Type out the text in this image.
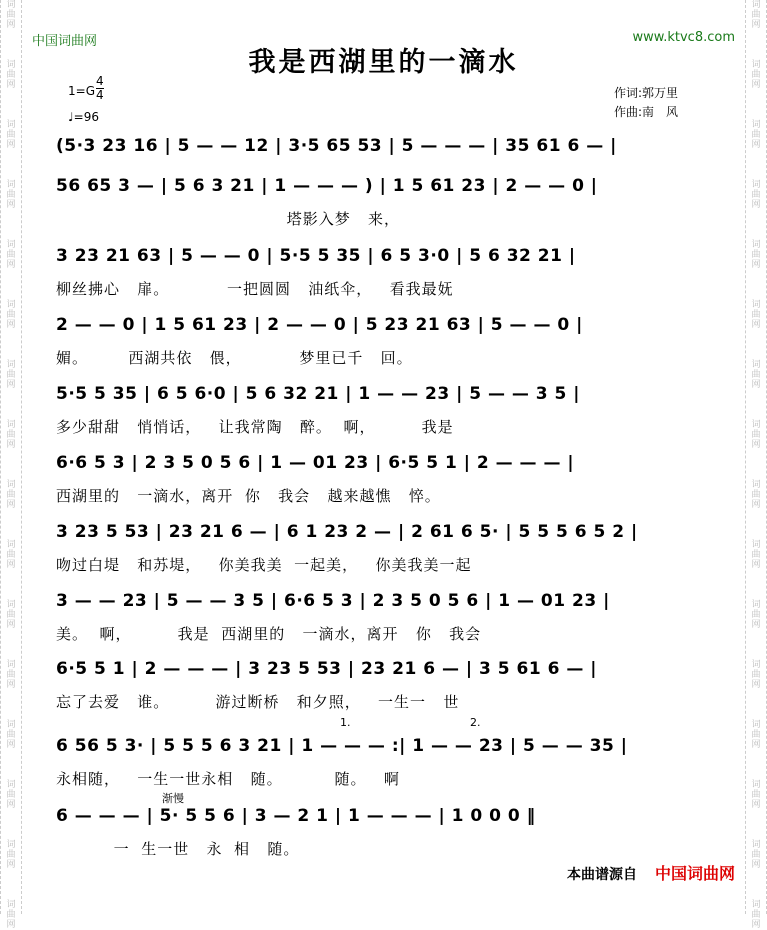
词
曲
网
词
曲
网
词
曲
网
词
曲
网
词
曲
网
词
曲
网
词
曲
网
词
曲
网
词
曲
网
词
曲
网
词
曲
网
词
曲
网
词
曲
网
词
曲
网
词
曲
网
词
曲
网
词
曲
网
词
曲
网
词
曲
网
词
曲
网
词
曲
网
词
曲
网
词
曲
网
词
曲
网
词
曲
网
词
曲
网
词
曲
网
词
曲
网
词
曲
网
词
曲
网
词
曲
网
词
曲
网
中国词曲网	www.ktvc8.com
我是西湖里的一滴水
1=G
4
4
♩=96
作词:郭万里
作曲:南　风
(5·3 23 16 | 5 — — 12 | 3·5 65 53 | 5 — — — | 35 61 6 — |
56 65 3 — | 5 6 3 21 | 1 — — — ) | 1 5 61 23 | 2 — — 0 |
塔影入梦   来，
3 23 21 63 | 5 — — 0 | 5·5 5 35 | 6 5 3·0 | 5 6 32 21 |
柳丝拂心   扉。          一把圆圆   油纸伞，   看我最妩
2 — — 0 | 1 5 61 23 | 2 — — 0 | 5 23 21 63 | 5 — — 0 |
媚。       西湖共依   偎，          梦里已千   回。
5·5 5 35 | 6 5 6·0 | 5 6 32 21 | 1 — — 23 | 5 — — 3 5 |
多少甜甜   悄悄话，   让我常陶   醉。  啊，        我是
6·6 5 3 | 2 3 5 0 5 6 | 1 — 01 23 | 6·5 5 1 | 2 — — — |
西湖里的   一滴水，离开  你   我会   越来越憔   悴。
3 23 5 53 | 23 21 6 — | 6 1 23 2 — | 2 61 6 5· | 5 5 5 6 5 2 |
吻过白堤   和苏堤，   你美我美  一起美，   你美我美一起
3 — — 23 | 5 — — 3 5 | 6·6 5 3 | 2 3 5 0 5 6 | 1 — 01 23 |
美。  啊，        我是  西湖里的   一滴水，离开   你   我会
6·5 5 1 | 2 — — — | 3 23 5 53 | 23 21 6 — | 3 5 61 6 — |
忘了去爱   谁。        游过断桥   和夕照，   一生一   世
1.	2.
6 56 5 3· | 5 5 5 6 3 21 | 1 — — — :| 1 — — 23 | 5 — — 35 |
永相随，   一生一世永相   随。         随。   啊
渐慢
6 — — — | 5· 5 5 6 | 3 — 2 1 | 1 — — — | 1 0 0 0 ‖
一  生一世   永  相   随。
本曲谱源自 中国词曲网
